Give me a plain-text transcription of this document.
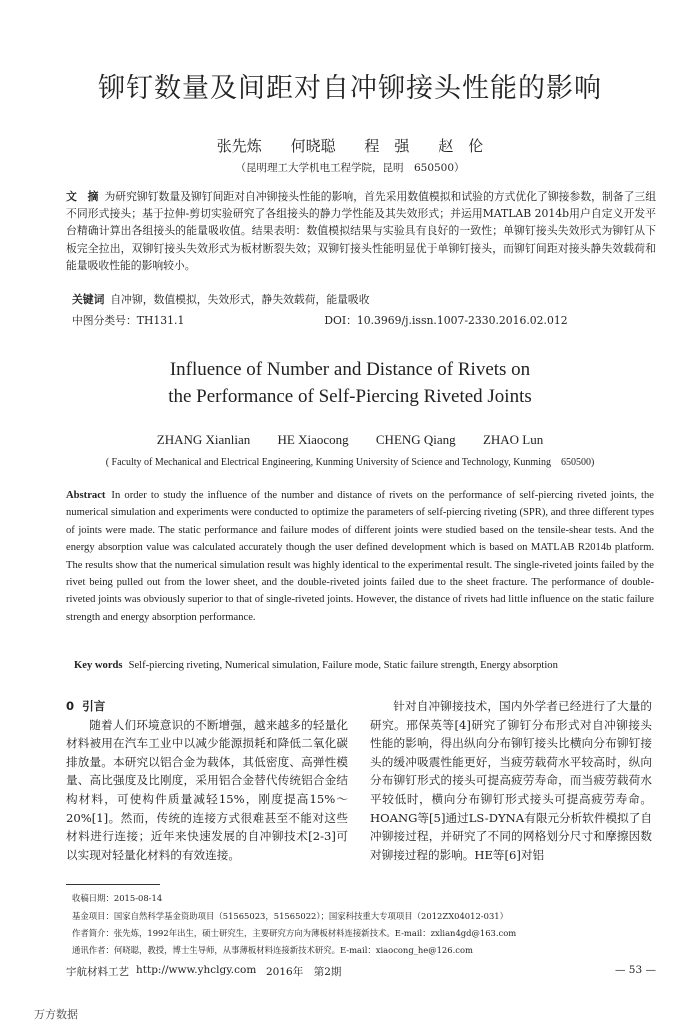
铆钉数量及间距对自冲铆接头性能的影响
张先炼 何晓聪 程　强 赵　伦
（昆明理工大学机电工程学院，昆明　650500）
文　摘 为研究铆钉数量及铆钉间距对自冲铆接头性能的影响，首先采用数值模拟和试验的方式优化了铆接参数，制备了三组不同形式接头；基于拉伸-剪切实验研究了各组接头的静力学性能及其失效形式；并运用MATLAB 2014b用户自定义开发平台精确计算出各组接头的能量吸收值。结果表明：数值模拟结果与实验具有良好的一致性；单铆钉接头失效形式为铆钉从下板完全拉出，双铆钉接头失效形式为板材断裂失效；双铆钉接头性能明显优于单铆钉接头，而铆钉间距对接头静失效载荷和能量吸收性能的影响较小。
关键词 自冲铆，数值模拟，失效形式，静失效载荷，能量吸收
中图分类号：TH131.1	DOI：10.3969/j.issn.1007-2330.2016.02.012
Influence of Number and Distance of Rivets on
the Performance of Self-Piercing Riveted Joints
ZHANG Xianlian HE Xiaocong CHENG Qiang ZHAO Lun
( Faculty of Mechanical and Electrical Engineering, Kunming University of Science and Technology, Kunming　650500)
Abstract In order to study the influence of the number and distance of rivets on the performance of self-piercing riveted joints, the numerical simulation and experiments were conducted to optimize the parameters of self-piercing riveting (SPR), and three different types of joints were made. The static performance and failure modes of different joints were studied based on the tensile-shear tests. And the energy absorption value was calculated accurately though the user defined development which is based on MATLAB R2014b platform. The results show that the numerical simulation result was highly identical to the experimental result. The single-riveted joints failed by the rivet being pulled out from the lower sheet, and the double-riveted joints failed due to the sheet fracture. The performance of double-riveted joints was obviously superior to that of single-riveted joints. However, the distance of rivets had little influence on the static failure strength and energy absorption performance.
Key words Self-piercing riveting, Numerical simulation, Failure mode, Static failure strength, Energy absorption
0 引言

随着人们环境意识的不断增强，越来越多的轻量化材料被用在汽车工业中以减少能源损耗和降低二氧化碳排放量。本研究以铝合金为载体，其低密度、高弹性模量、高比强度及比刚度，采用铝合金替代传统铝合金结构材料，可使构件质量减轻15%，刚度提高15%～20%[1]。然而，传统的连接方式很难甚至不能对这些材料进行连接；近年来快速发展的自冲铆技术[2-3]可以实现对轻量化材料的有效连接。

针对自冲铆接技术，国内外学者已经进行了大量的研究。邢保英等[4]研究了铆钉分布形式对自冲铆接头性能的影响，得出纵向分布铆钉接头比横向分布铆钉接头的缓冲吸震性能更好，当疲劳载荷水平较高时，纵向分布铆钉形式的接头可提高疲劳寿命，而当疲劳载荷水平较低时，横向分布铆钉形式接头可提高疲劳寿命。HOANG等[5]通过LS-DYNA有限元分析软件模拟了自冲铆接过程，并研究了不同的网格划分尺寸和摩擦因数对铆接过程的影响。HE等[6]对铝

收稿日期：2015-08-14
基金项目：国家自然科学基金资助项目（51565023，51565022）；国家科技重大专项项目（2012ZX04012-031）
作者简介：张先炼，1992年出生，硕士研究生，主要研究方向为薄板材料连接新技术。E-mail：zxlian4gd@163.com
通讯作者：何晓聪，教授，博士生导师，从事薄板材料连接新技术研究。E-mail：xiaocong_he@126.com
宇航材料工艺 http://www.yhclgy.com 2016年　第2期	— 53 —
万方数据
